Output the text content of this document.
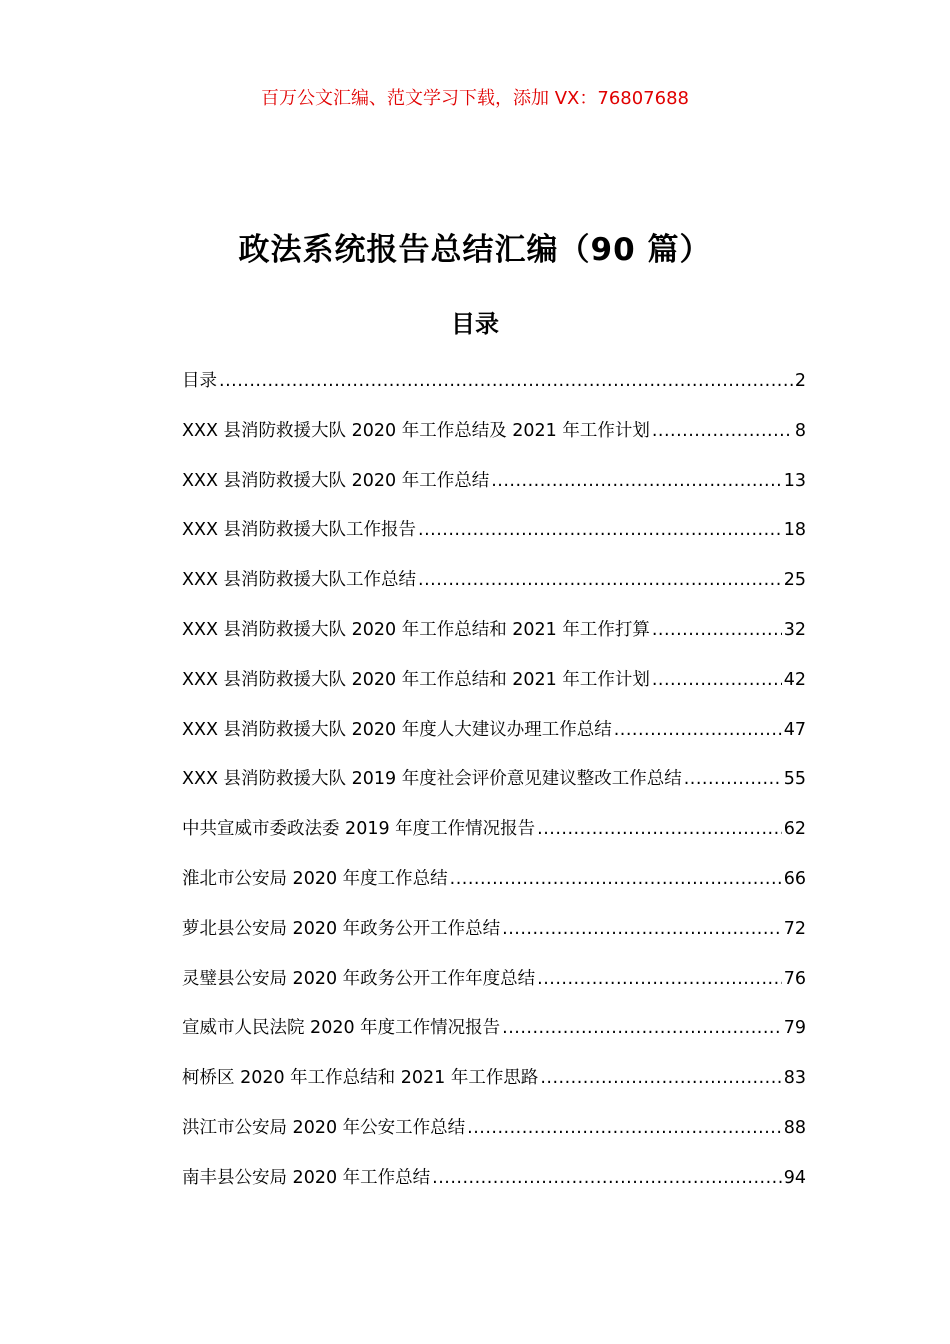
百万公文汇编、范文学习下载，添加 VX：76807688
政法系统报告总结汇编（90 篇）
目录
目录 .....	2
XXX 县消防救援大队 2020 年工作总结及 2021 年工作计划 .....	8
XXX 县消防救援大队 2020 年工作总结 .....	13
XXX 县消防救援大队工作报告 .....	18
XXX 县消防救援大队工作总结 .....	25
XXX 县消防救援大队 2020 年工作总结和 2021 年工作打算 .....	32
XXX 县消防救援大队 2020 年工作总结和 2021 年工作计划 .....	42
XXX 县消防救援大队 2020 年度人大建议办理工作总结 .....	47
XXX 县消防救援大队 2019 年度社会评价意见建议整改工作总结 .....	55
中共宣威市委政法委 2019 年度工作情况报告 .....	62
淮北市公安局 2020 年度工作总结 .....	66
萝北县公安局 2020 年政务公开工作总结 .....	72
灵璧县公安局 2020 年政务公开工作年度总结 .....	76
宣威市人民法院 2020 年度工作情况报告 .....	79
柯桥区 2020 年工作总结和 2021 年工作思路 .....	83
洪江市公安局 2020 年公安工作总结 .....	88
南丰县公安局 2020 年工作总结 .....	94
